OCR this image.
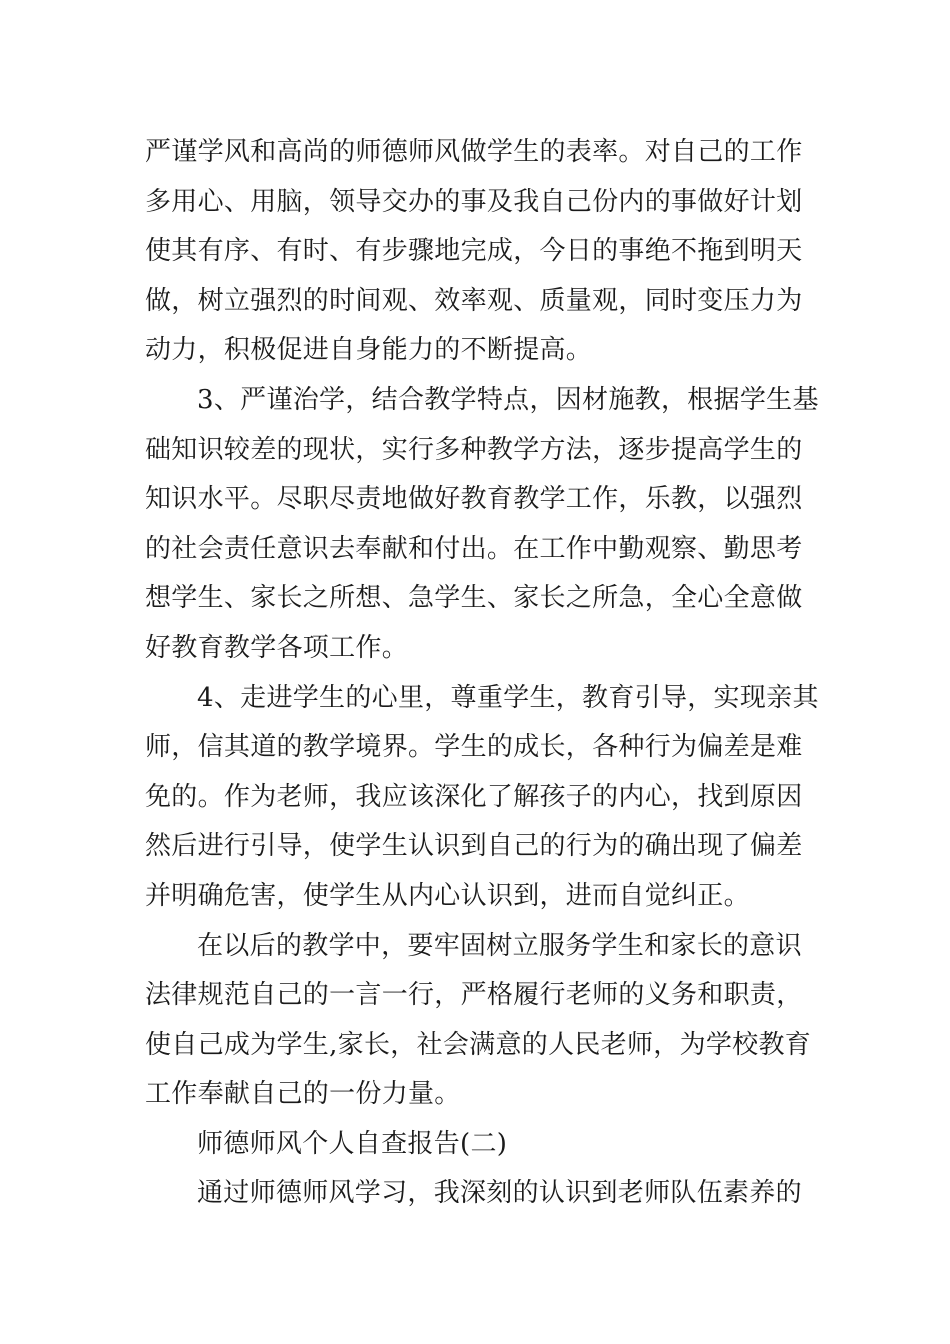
严谨学风和高尚的师德师风做学生的表率。对自己的工作
多用心、用脑，领导交办的事及我自己份内的事做好计划
使其有序、有时、有步骤地完成，今日的事绝不拖到明天
做，树立强烈的时间观、效率观、质量观，同时变压力为
动力，积极促进自身能力的不断提高。
3、严谨治学，结合教学特点，因材施教，根据学生基
础知识较差的现状，实行多种教学方法，逐步提高学生的
知识水平。尽职尽责地做好教育教学工作，乐教，以强烈
的社会责任意识去奉献和付出。在工作中勤观察、勤思考
想学生、家长之所想、急学生、家长之所急，全心全意做
好教育教学各项工作。
4、走进学生的心里，尊重学生，教育引导，实现亲其
师，信其道的教学境界。学生的成长，各种行为偏差是难
免的。作为老师，我应该深化了解孩子的内心，找到原因
然后进行引导，使学生认识到自己的行为的确出现了偏差
并明确危害，使学生从内心认识到，进而自觉纠正。
在以后的教学中，要牢固树立服务学生和家长的意识
法律规范自己的一言一行，严格履行老师的义务和职责，
使自己成为学生,家长，社会满意的人民老师，为学校教育
工作奉献自己的一份力量。
师德师风个人自查报告(二)
通过师德师风学习，我深刻的认识到老师队伍素养的
